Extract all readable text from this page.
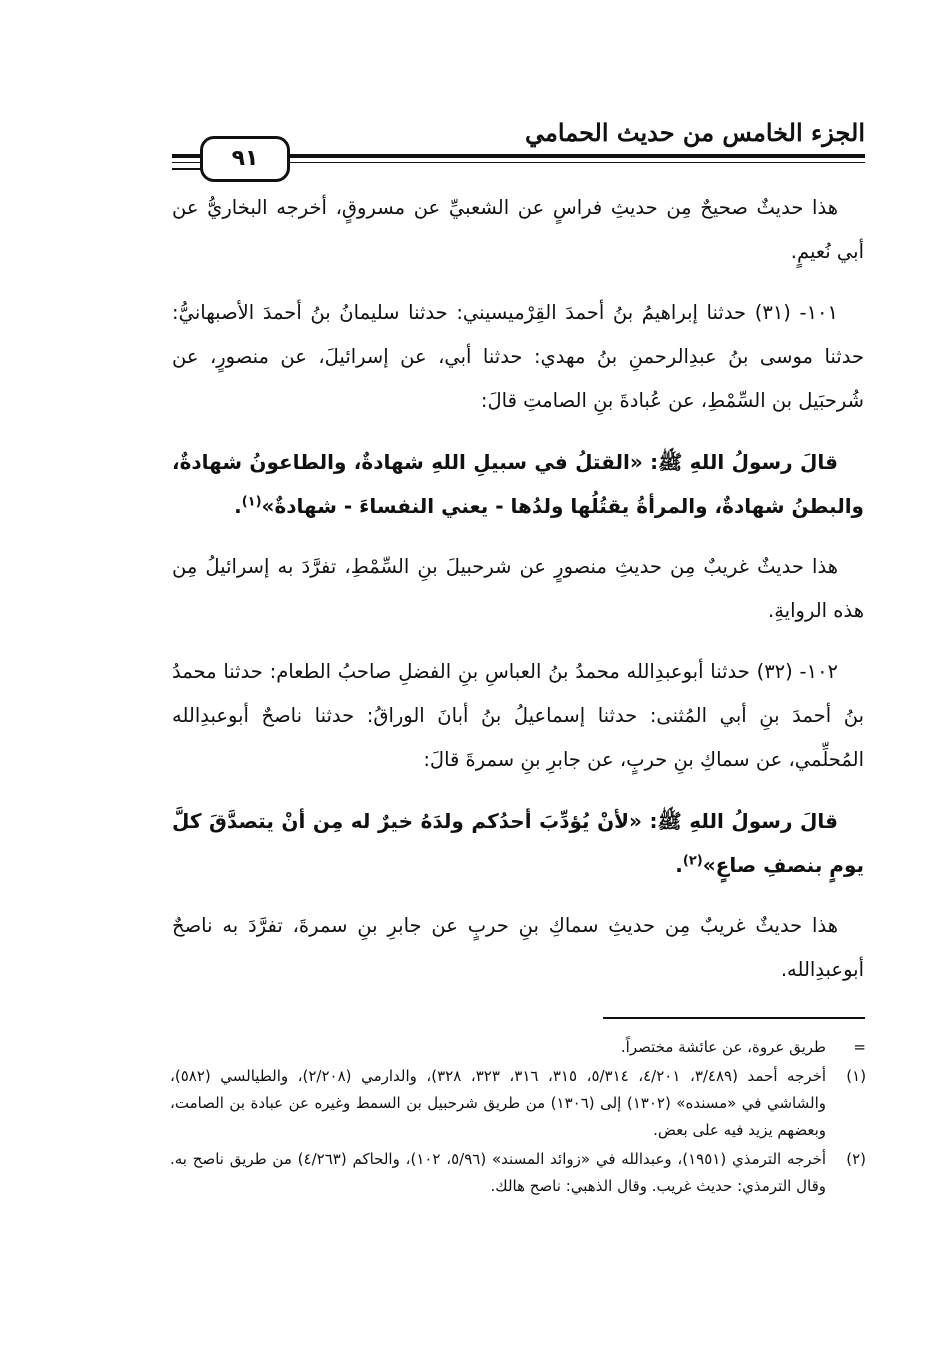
الجزء الخامس من حديث الحمامي
٩١

هذا حديثٌ صحيحٌ مِن حديثِ فراسٍ عن الشعبيِّ عن مسروقٍ، أخرجه البخاريُّ عن أبي نُعيمٍ.

١٠١- (٣١) حدثنا إبراهيمُ بنُ أحمدَ القِرْميسيني: حدثنا سليمانُ بنُ أحمدَ الأصبهانيُّ: حدثنا موسى بنُ عبدِالرحمنِ بنُ مهدي: حدثنا أبي، عن إسرائيلَ، عن منصورٍ، عن شُرحبَيل بن السِّمْطِ، عن عُبادةَ بنِ الصامتِ قالَ:

قالَ رسولُ اللهِ ﷺ: «القتلُ في سبيلِ اللهِ شهادةٌ، والطاعونُ شهادةٌ، والبطنُ شهادةٌ، والمرأةُ يقتُلُها ولدُها - يعني النفساءَ - شهادةٌ»$^{(١)}$.

هذا حديثٌ غريبٌ مِن حديثِ منصورٍ عن شرحبيلَ بنِ السِّمْطِ، تفرَّدَ به إسرائيلُ مِن هذه الروايةِ.

١٠٢- (٣٢) حدثنا أبوعبدِالله محمدُ بنُ العباسِ بنِ الفضلِ صاحبُ الطعام: حدثنا محمدُ بنُ أحمدَ بنِ أبي المُثنى: حدثنا إسماعيلُ بنُ أبانَ الوراقُ: حدثنا ناصحٌ أبوعبدِالله المُحلِّمي، عن سماكِ بنِ حربٍ، عن جابرِ بنِ سمرةَ قالَ:

قالَ رسولُ اللهِ ﷺ: «لأنْ يُؤدِّبَ أحدُكم ولدَهُ خيرٌ له مِن أنْ يتصدَّقَ كلَّ يومٍ بنصفِ صاعٍ»$^{(٢)}$.

هذا حديثٌ غريبٌ مِن حديثِ سماكِ بنِ حربٍ عن جابرِ بنِ سمرةَ، تفرَّدَ به ناصحٌ أبوعبدِالله.

=طريق عروة، عن عائشة مختصراً.

(١)أخرجه أحمد (٣/٤٨٩، ٤/٢٠١، ٥/٣١٤، ٣١٥، ٣١٦، ٣٢٣، ٣٢٨)، والدارمي (٢/٢٠٨)، والطيالسي (٥٨٢)، والشاشي في «مسنده» (١٣٠٢) إلى (١٣٠٦) من طريق شرحبيل بن السمط وغيره عن عبادة بن الصامت، وبعضهم يزيد فيه على بعض.

(٢)أخرجه الترمذي (١٩٥١)، وعبدالله في «زوائد المسند» (٥/٩٦، ١٠٢)، والحاكم (٤/٢٦٣) من طريق ناصح به. وقال الترمذي: حديث غريب. وقال الذهبي: ناصح هالك.
